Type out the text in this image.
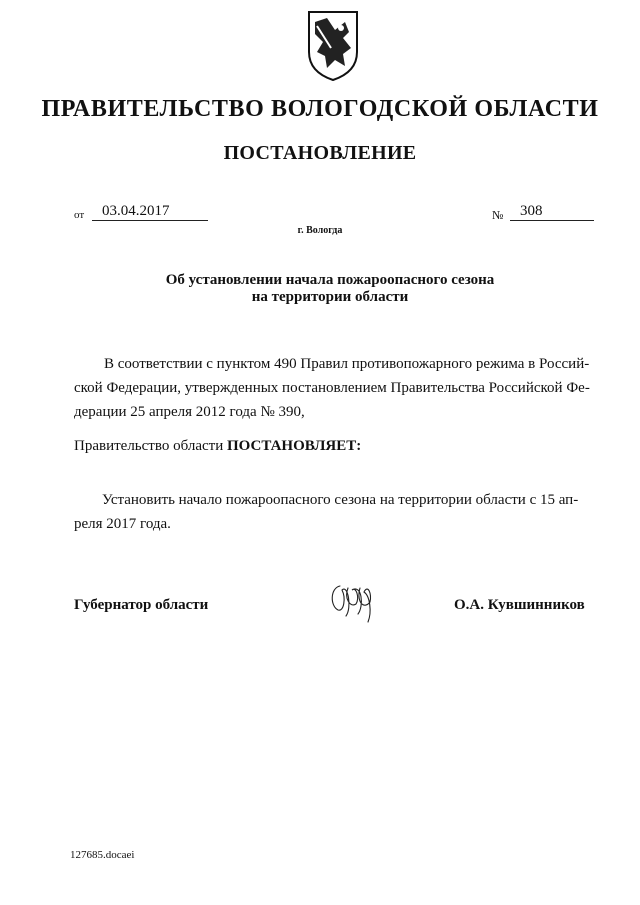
ПРАВИТЕЛЬСТВО ВОЛОГОДСКОЙ ОБЛАСТИ
ПОСТАНОВЛЕНИЕ
от	03.04.2017	№	308
г. Вологда
Об установлении начала пожароопасного сезона
на территории области
В соответствии с пунктом 490 Правил противопожарного режима в Россий-
ской Федерации, утвержденных постановлением Правительства Российской Фе-
дерации 25 апреля 2012 года № 390,
Правительство области ПОСТАНОВЛЯЕТ:
Установить начало пожароопасного сезона на территории области с 15 ап-
реля 2017 года.
Губернатор области	О.А. Кувшинников
127685.docaei
